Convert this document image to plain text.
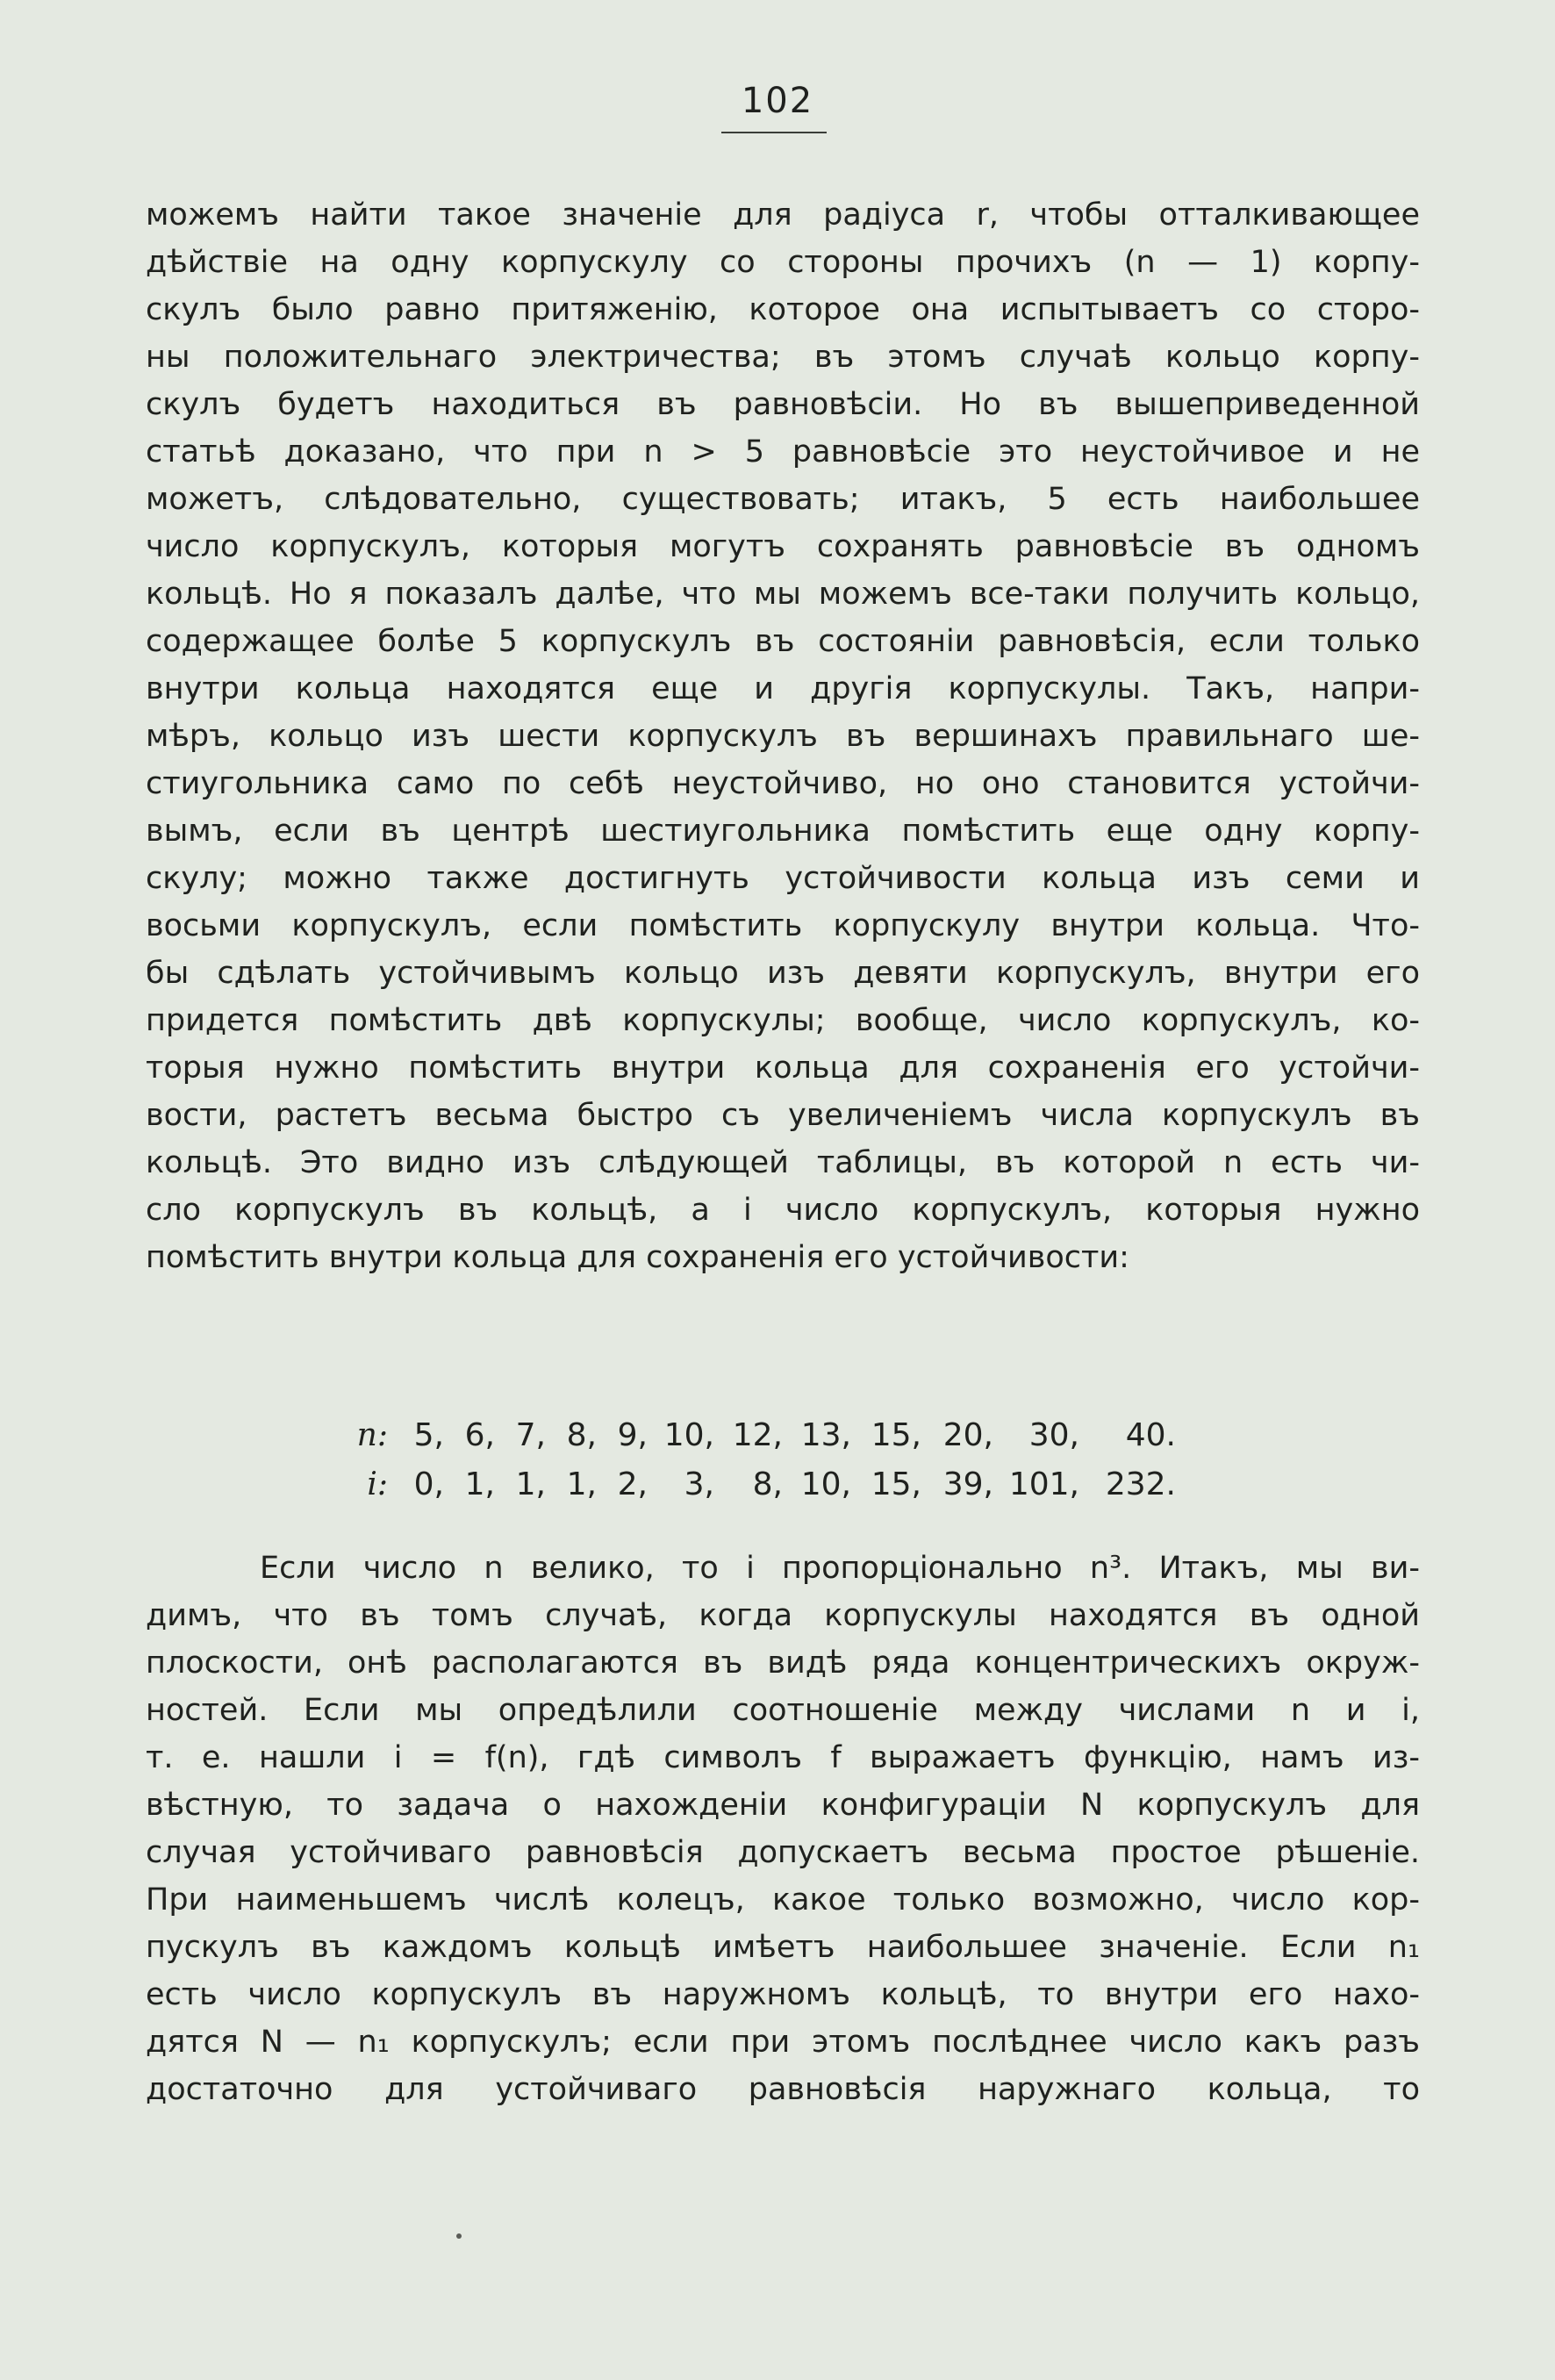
102
можемъ найти такое значеніе для радіуса r, чтобы отталкивающее
дѣйствіе на одну корпускулу со стороны прочихъ (n — 1) корпу-
скулъ было равно притяженію, которое она испытываетъ со сторо-
ны положительнаго электричества; въ этомъ случаѣ кольцо корпу-
скулъ будетъ находиться въ равновѣсіи. Но въ вышеприведенной
статьѣ доказано, что при n > 5 равновѣсіе это неустойчивое и не
можетъ, слѣдовательно, существовать; итакъ, 5 есть наибольшее
число корпускулъ, которыя могутъ сохранять равновѣсіе въ одномъ
кольцѣ. Но я показалъ далѣе, что мы можемъ все-таки получить кольцо,
содержащее болѣе 5 корпускулъ въ состояніи равновѣсія, если только
внутри кольца находятся еще и другія корпускулы. Такъ, напри-
мѣръ, кольцо изъ шести корпускулъ въ вершинахъ правильнаго ше-
стиугольника само по себѣ неустойчиво, но оно становится устойчи-
вымъ, если въ центрѣ шестиугольника помѣстить еще одну корпу-
скулу; можно также достигнуть устойчивости кольца изъ семи и
восьми корпускулъ, если помѣстить корпускулу внутри кольца. Что-
бы сдѣлать устойчивымъ кольцо изъ девяти корпускулъ, внутри его
придется помѣстить двѣ корпускулы; вообще, число корпускулъ, ко-
торыя нужно помѣстить внутри кольца для сохраненія его устойчи-
вости, растетъ весьма быстро съ увеличеніемъ числа корпускулъ въ
кольцѣ. Это видно изъ слѣдующей таблицы, въ которой n есть чи-
сло корпускулъ въ кольцѣ, а i число корпускулъ, которыя нужно
помѣстить внутри кольца для сохраненія его устойчивости:
n: 5, 6, 7, 8, 9, 10, 12, 13, 15, 20,	30,	40.
i: 0, 1, 1, 1, 2,	3,	8, 10, 15, 39, 101, 232.
Если число n велико, то i пропорціонально n³. Итакъ, мы ви-
димъ, что въ томъ случаѣ, когда корпускулы находятся въ одной
плоскости, онѣ располагаются въ видѣ ряда концентрическихъ окруж-
ностей. Если мы опредѣлили соотношеніе между числами n и i,
т. е. нашли i = f(n), гдѣ символъ f выражаетъ функцію, намъ из-
вѣстную, то задача о нахожденіи конфигураціи N корпускулъ для
случая устойчиваго равновѣсія допускаетъ весьма простое рѣшеніе.
При наименьшемъ числѣ колецъ, какое только возможно, число кор-
пускулъ въ каждомъ кольцѣ имѣетъ наибольшее значеніе. Если n₁
есть число корпускулъ въ наружномъ кольцѣ, то внутри его нахо-
дятся N — n₁ корпускулъ; если при этомъ послѣднее число какъ разъ
достаточно для устойчиваго равновѣсія наружнаго кольца, то
